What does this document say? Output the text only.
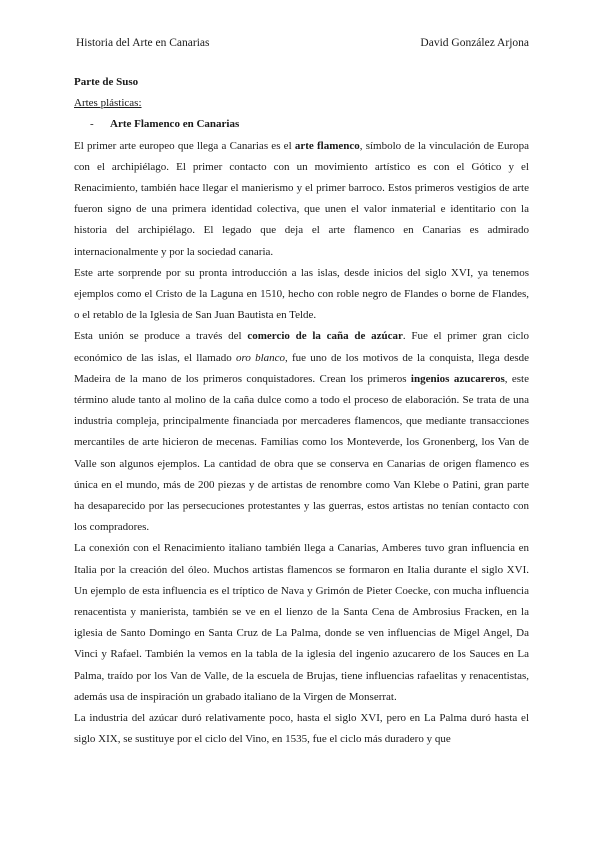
Historia del Arte en Canarias	David González Arjona

Parte de Suso

Artes plásticas:

-	Arte Flamenco en Canarias

El primer arte europeo que llega a Canarias es el arte flamenco, símbolo de la vinculación de Europa con el archipiélago. El primer contacto con un movimiento artístico es con el Gótico y el Renacimiento, también hace llegar el manierismo y el primer barroco. Estos primeros vestigios de arte fueron signo de una primera identidad colectiva, que unen el valor inmaterial e identitario con la historia del archipiélago. El legado que deja el arte flamenco en Canarias es admirado internacionalmente y por la sociedad canaria.

Este arte sorprende por su pronta introducción a las islas, desde inicios del siglo XVI, ya tenemos ejemplos como el Cristo de la Laguna en 1510, hecho con roble negro de Flandes o borne de Flandes, o el retablo de la Iglesia de San Juan Bautista en Telde.

Esta unión se produce a través del comercio de la caña de azúcar. Fue el primer gran ciclo económico de las islas, el llamado oro blanco, fue uno de los motivos de la conquista, llega desde Madeira de la mano de los primeros conquistadores. Crean los primeros ingenios azucareros, este término alude tanto al molino de la caña dulce como a todo el proceso de elaboración. Se trata de una industria compleja, principalmente financiada por mercaderes flamencos, que mediante transacciones mercantiles de arte hicieron de mecenas. Familias como los Monteverde, los Gronenberg, los Van de Valle son algunos ejemplos. La cantidad de obra que se conserva en Canarias de origen flamenco es única en el mundo, más de 200 piezas y de artistas de renombre como Van Klebe o Patini, gran parte ha desaparecido por las persecuciones protestantes y las guerras, estos artistas no tenían contacto con los compradores.

La conexión con el Renacimiento italiano también llega a Canarias, Amberes tuvo gran influencia en Italia por la creación del óleo. Muchos artistas flamencos se formaron en Italia durante el siglo XVI. Un ejemplo de esta influencia es el tríptico de Nava y Grimón de Pieter Coecke, con mucha influencia renacentista y manierista, también se ve en el lienzo de la Santa Cena de Ambrosius Fracken, en la iglesia de Santo Domingo en Santa Cruz de La Palma, donde se ven influencias de Migel Angel, Da Vinci y Rafael. También la vemos en la tabla de la iglesia del ingenio azucarero de los Sauces en La Palma, traído por los Van de Valle, de la escuela de Brujas, tiene influencias rafaelitas y renacentistas, además usa de inspiración un grabado italiano de la Virgen de Monserrat.

La industria del azúcar duró relativamente poco, hasta el siglo XVI, pero en La Palma duró hasta el siglo XIX, se sustituye por el ciclo del Vino, en 1535, fue el ciclo más duradero y que
